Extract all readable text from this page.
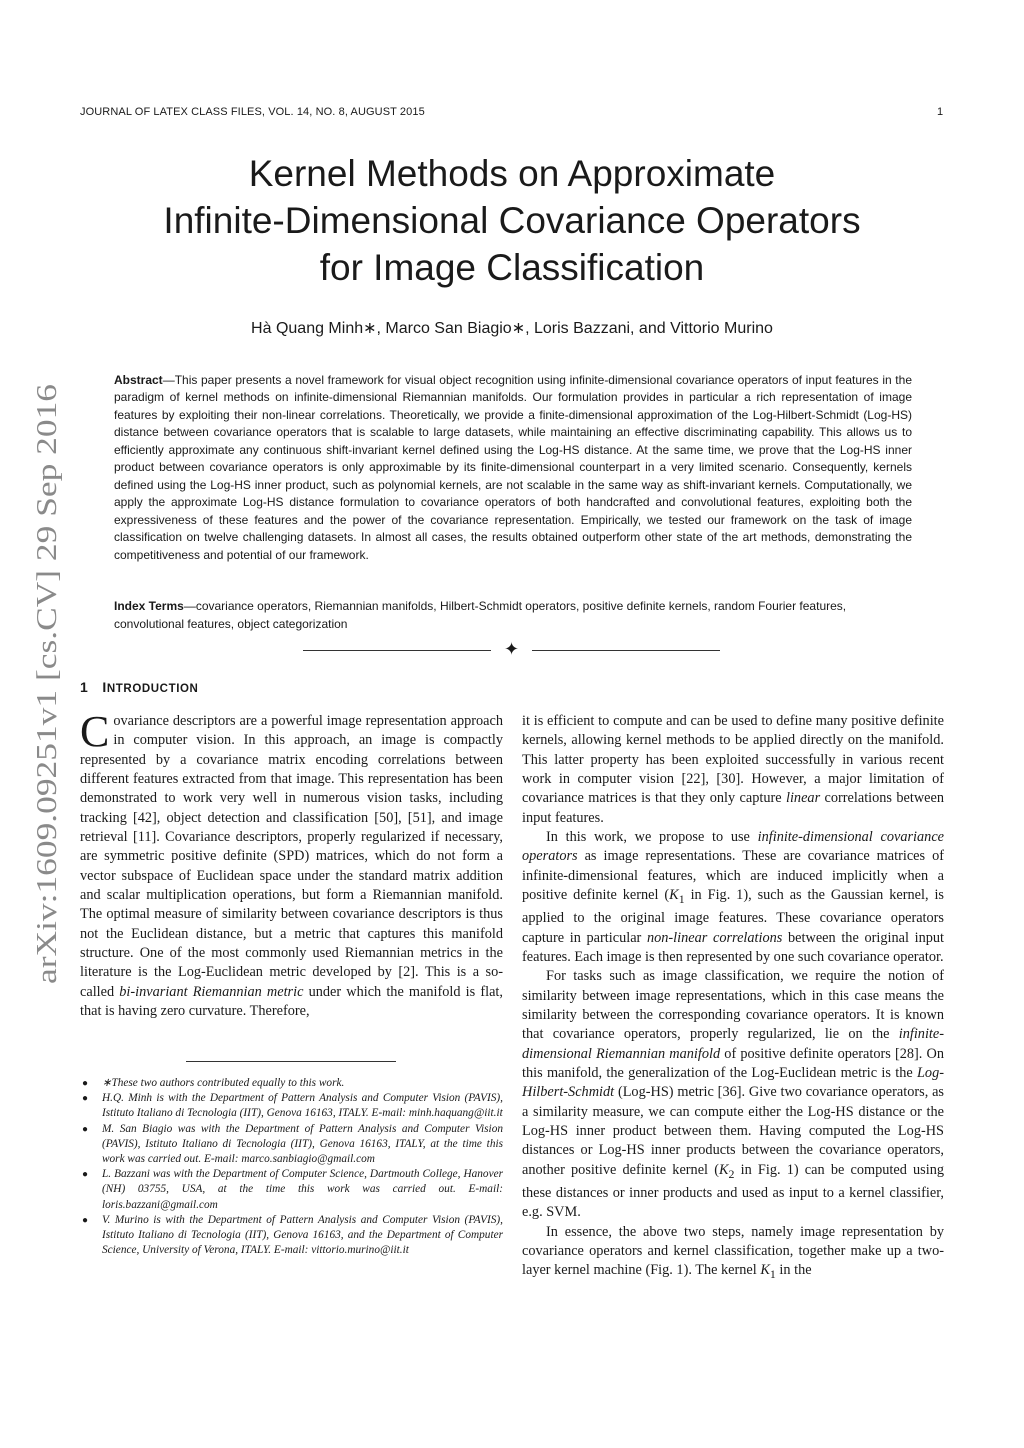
JOURNAL OF LATEX CLASS FILES, VOL. 14, NO. 8, AUGUST 2015	1
arXiv:1609.09251v1 [cs.CV] 29 Sep 2016
Kernel Methods on Approximate
Infinite-Dimensional Covariance Operators
for Image Classification
Hà Quang Minh∗, Marco San Biagio∗, Loris Bazzani, and Vittorio Murino
Abstract—This paper presents a novel framework for visual object recognition using infinite-dimensional covariance operators of input features in the paradigm of kernel methods on infinite-dimensional Riemannian manifolds. Our formulation provides in particular a rich representation of image features by exploiting their non-linear correlations. Theoretically, we provide a finite-dimensional approximation of the Log-Hilbert-Schmidt (Log-HS) distance between covariance operators that is scalable to large datasets, while maintaining an effective discriminating capability. This allows us to efficiently approximate any continuous shift-invariant kernel defined using the Log-HS distance. At the same time, we prove that the Log-HS inner product between covariance operators is only approximable by its finite-dimensional counterpart in a very limited scenario. Consequently, kernels defined using the Log-HS inner product, such as polynomial kernels, are not scalable in the same way as shift-invariant kernels. Computationally, we apply the approximate Log-HS distance formulation to covariance operators of both handcrafted and convolutional features, exploiting both the expressiveness of these features and the power of the covariance representation. Empirically, we tested our framework on the task of image classification on twelve challenging datasets. In almost all cases, the results obtained outperform other state of the art methods, demonstrating the competitiveness and potential of our framework.
Index Terms—covariance operators, Riemannian manifolds, Hilbert-Schmidt operators, positive definite kernels, random Fourier features, convolutional features, object categorization
✦
1 INTRODUCTION

Covariance descriptors are a powerful image representation approach in computer vision. In this approach, an image is compactly represented by a covariance matrix encoding correlations between different features extracted from that image. This representation has been demonstrated to work very well in numerous vision tasks, including tracking [42], object detection and classification [50], [51], and image retrieval [11]. Covariance descriptors, properly regularized if necessary, are symmetric positive definite (SPD) matrices, which do not form a vector subspace of Euclidean space under the standard matrix addition and scalar multiplication operations, but form a Riemannian manifold. The optimal measure of similarity between covariance descriptors is thus not the Euclidean distance, but a metric that captures this manifold structure. One of the most commonly used Riemannian metrics in the literature is the Log-Euclidean metric developed by [2]. This is a so-called bi-invariant Riemannian metric under which the manifold is flat, that is having zero curvature. Therefore,

● ∗These two authors contributed equally to this work.
● H.Q. Minh is with the Department of Pattern Analysis and Computer Vision (PAVIS), Istituto Italiano di Tecnologia (IIT), Genova 16163, ITALY. E-mail: minh.haquang@iit.it
● M. San Biagio was with the Department of Pattern Analysis and Computer Vision (PAVIS), Istituto Italiano di Tecnologia (IIT), Genova 16163, ITALY, at the time this work was carried out. E-mail: marco.sanbiagio@gmail.com
● L. Bazzani was with the Department of Computer Science, Dartmouth College, Hanover (NH) 03755, USA, at the time this work was carried out. E-mail: loris.bazzani@gmail.com
● V. Murino is with the Department of Pattern Analysis and Computer Vision (PAVIS), Istituto Italiano di Tecnologia (IIT), Genova 16163, and the Department of Computer Science, University of Verona, ITALY. E-mail: vittorio.murino@iit.it

it is efficient to compute and can be used to define many positive definite kernels, allowing kernel methods to be applied directly on the manifold. This latter property has been exploited successfully in various recent work in computer vision [22], [30]. However, a major limitation of covariance matrices is that they only capture linear correlations between input features.

In this work, we propose to use infinite-dimensional covariance operators as image representations. These are covariance matrices of infinite-dimensional features, which are induced implicitly when a positive definite kernel ($K_1$ in Fig. 1), such as the Gaussian kernel, is applied to the original image features. These covariance operators capture in particular non-linear correlations between the original input features. Each image is then represented by one such covariance operator.

For tasks such as image classification, we require the notion of similarity between image representations, which in this case means the similarity between the corresponding covariance operators. It is known that covariance operators, properly regularized, lie on the infinite-dimensional Riemannian manifold of positive definite operators [28]. On this manifold, the generalization of the Log-Euclidean metric is the Log-Hilbert-Schmidt (Log-HS) metric [36]. Give two covariance operators, as a similarity measure, we can compute either the Log-HS distance or the Log-HS inner product between them. Having computed the Log-HS distances or Log-HS inner products between the covariance operators, another positive definite kernel ($K_2$ in Fig. 1) can be computed using these distances or inner products and used as input to a kernel classifier, e.g. SVM.

In essence, the above two steps, namely image representation by covariance operators and kernel classification, together make up a two-layer kernel machine (Fig. 1). The kernel $K_1$ in the
